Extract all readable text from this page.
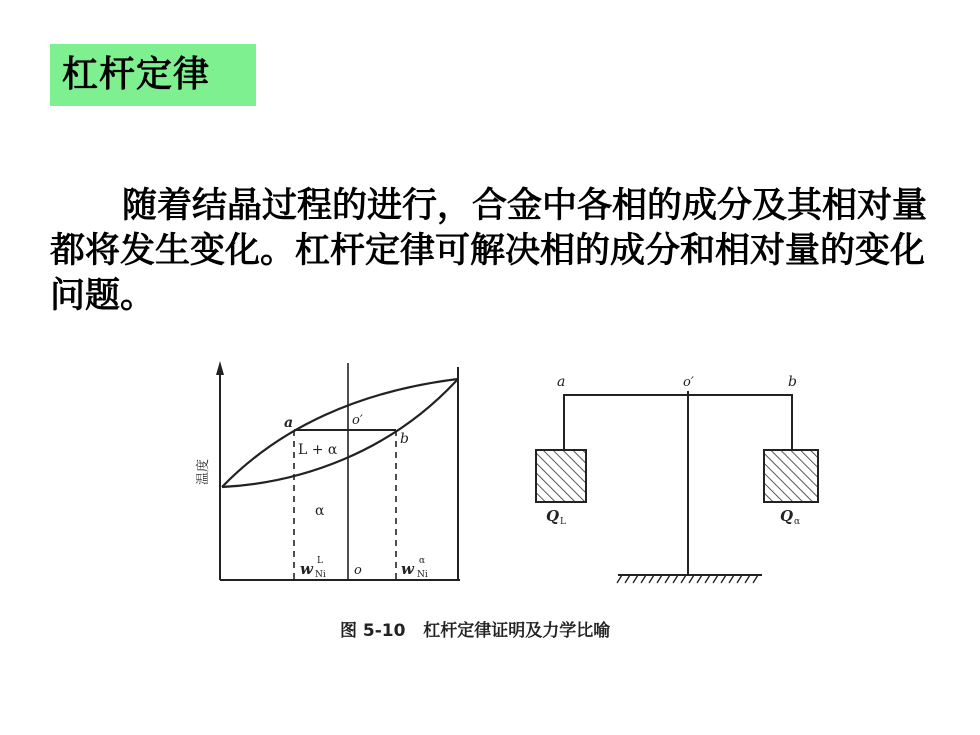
杠杆定律
随着结晶过程的进行，合金中各相的成分及其相对量都将发生变化。杠杆定律可解决相的成分和相对量的变化问题。
温度
a	o′
b
L + α
α
w L
Ni o	w α
Ni
a	o′	b
Q L	Q α
图 5-10   杠杆定律证明及力学比喻
